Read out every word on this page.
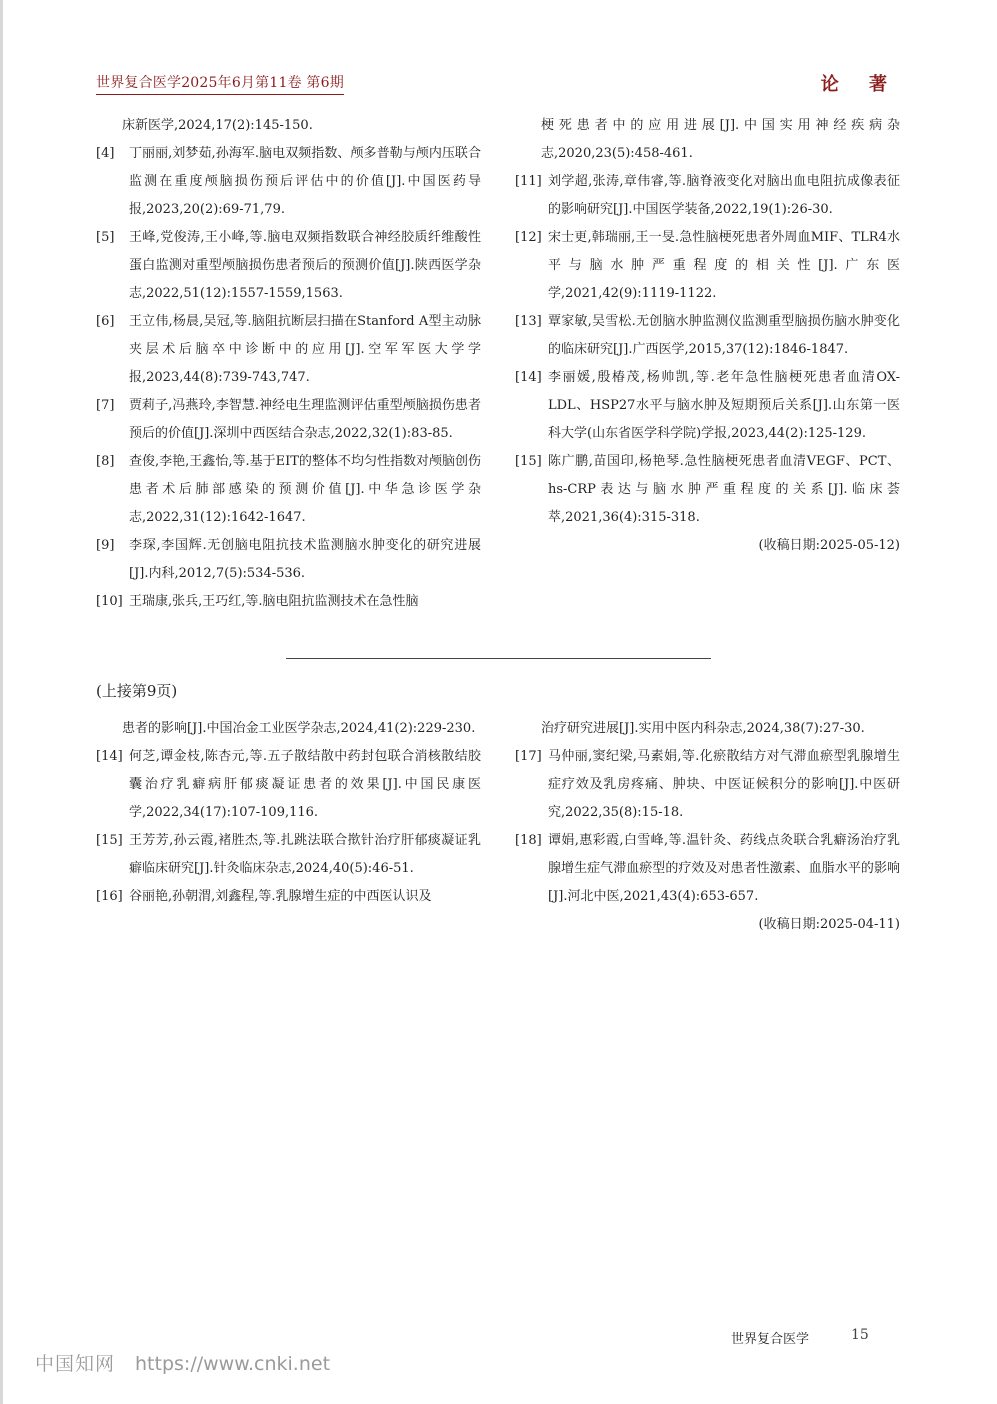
世界复合医学2025年6月第11卷 第6期	论 著
床新医学,2024,17(2):145-150.
[4] 丁丽丽,刘梦茹,孙海军.脑电双频指数、颅多普勒与颅内压联合监测在重度颅脑损伤预后评估中的价值[J].中国医药导报,2023,20(2):69-71,79.
[5] 王峰,党俊涛,王小峰,等.脑电双频指数联合神经胶质纤维酸性蛋白监测对重型颅脑损伤患者预后的预测价值[J].陕西医学杂志,2022,51(12):1557-1559,1563.
[6] 王立伟,杨晨,吴冠,等.脑阻抗断层扫描在Stanford A型主动脉夹层术后脑卒中诊断中的应用[J].空军军医大学学报,2023,44(8):739-743,747.
[7] 贾莉子,冯燕玲,李智慧.神经电生理监测评估重型颅脑损伤患者预后的价值[J].深圳中西医结合杂志,2022,32(1):83-85.
[8] 查俊,李艳,王鑫怡,等.基于EIT的整体不均匀性指数对颅脑创伤患者术后肺部感染的预测价值[J].中华急诊医学杂志,2022,31(12):1642-1647.
[9] 李琛,李国辉.无创脑电阻抗技术监测脑水肿变化的研究进展[J].内科,2012,7(5):534-536.
[10] 王瑞康,张兵,王巧红,等.脑电阻抗监测技术在急性脑
梗死患者中的应用进展[J].中国实用神经疾病杂志,2020,23(5):458-461.
[11] 刘学超,张涛,章伟睿,等.脑脊液变化对脑出血电阻抗成像表征的影响研究[J].中国医学装备,2022,19(1):26-30.
[12] 宋士更,韩瑞丽,王一旻.急性脑梗死患者外周血MIF、TLR4水平与脑水肿严重程度的相关性[J].广东医学,2021,42(9):1119-1122.
[13] 覃家敏,吴雪松.无创脑水肿监测仪监测重型脑损伤脑水肿变化的临床研究[J].广西医学,2015,37(12):1846-1847.
[14] 李丽媛,殷椿茂,杨帅凯,等.老年急性脑梗死患者血清OX-LDL、HSP27水平与脑水肿及短期预后关系[J].山东第一医科大学(山东省医学科学院)学报,2023,44(2):125-129.
[15] 陈广鹏,苗国印,杨艳琴.急性脑梗死患者血清VEGF、PCT、hs-CRP表达与脑水肿严重程度的关系[J].临床荟萃,2021,36(4):315-318.
(收稿日期:2025-05-12)
(上接第9页)
患者的影响[J].中国冶金工业医学杂志,2024,41(2):229-230.
[14] 何芝,谭金枝,陈杏元,等.五子散结散中药封包联合消核散结胶囊治疗乳癖病肝郁痰凝证患者的效果[J].中国民康医学,2022,34(17):107-109,116.
[15] 王芳芳,孙云霞,褚胜杰,等.扎跳法联合揿针治疗肝郁痰凝证乳癖临床研究[J].针灸临床杂志,2024,40(5):46-51.
[16] 谷丽艳,孙朝渭,刘鑫程,等.乳腺增生症的中西医认识及
治疗研究进展[J].实用中医内科杂志,2024,38(7):27-30.
[17] 马仲丽,窦纪梁,马素娟,等.化瘀散结方对气滞血瘀型乳腺增生症疗效及乳房疼痛、肿块、中医证候积分的影响[J].中医研究,2022,35(8):15-18.
[18] 谭娟,惠彩霞,白雪峰,等.温针灸、药线点灸联合乳癖汤治疗乳腺增生症气滞血瘀型的疗效及对患者性激素、血脂水平的影响[J].河北中医,2021,43(4):653-657.
(收稿日期:2025-04-11)
世界复合医学	15
中国知网 https://www.cnki.net
